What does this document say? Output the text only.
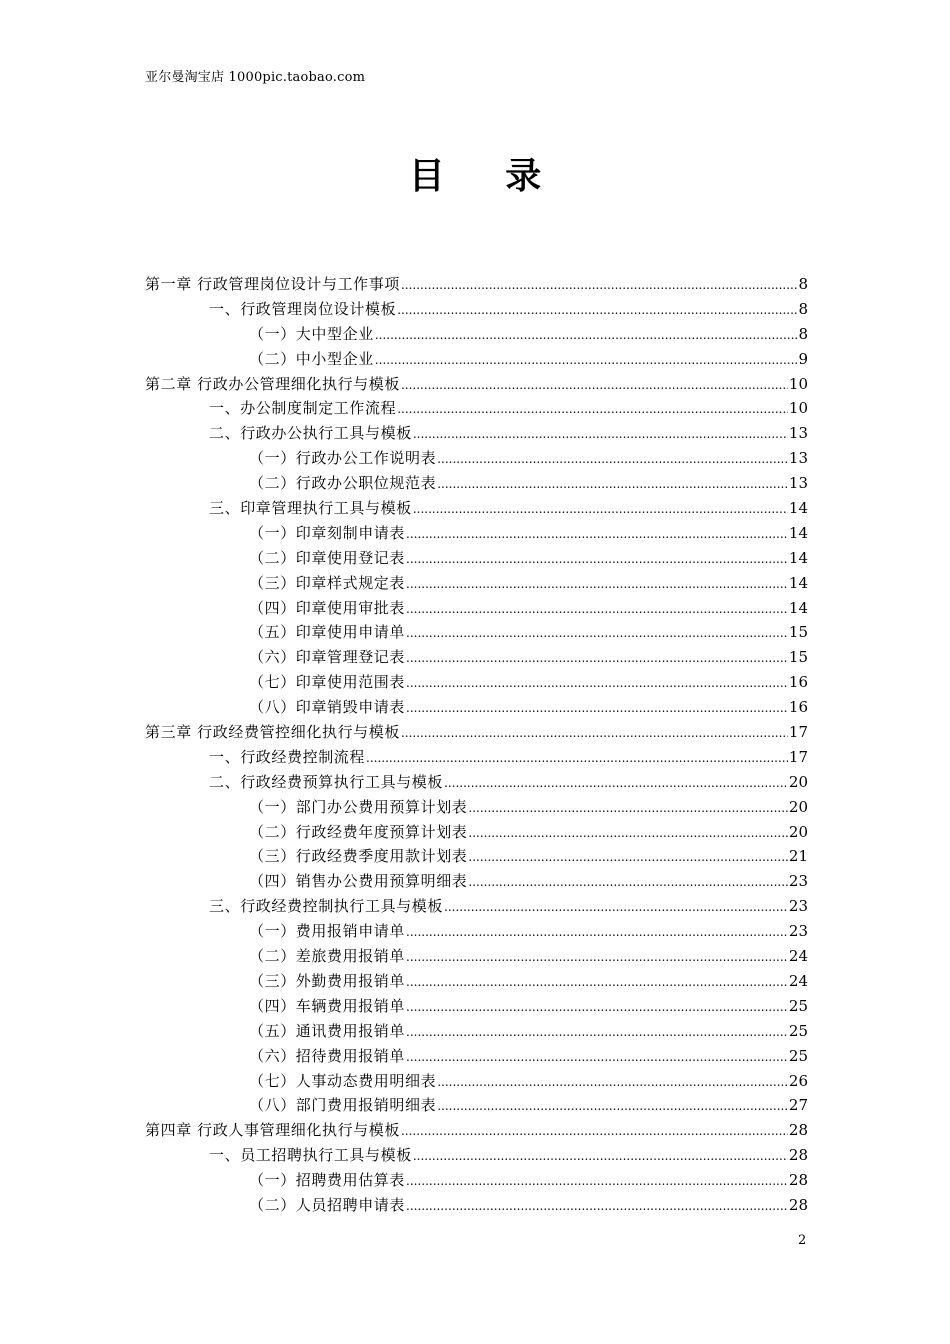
亚尔曼淘宝店 1000pic.taobao.com
目 录
第一章 行政管理岗位设计与工作事项 .....	8
一、行政管理岗位设计模板 .....	8
（一）大中型企业 .....	8
（二）中小型企业 .....	9
第二章 行政办公管理细化执行与模板 .....	10
一、办公制度制定工作流程 .....	10
二、行政办公执行工具与模板 .....	13
（一）行政办公工作说明表 .....	13
（二）行政办公职位规范表 .....	13
三、印章管理执行工具与模板 .....	14
（一）印章刻制申请表 .....	14
（二）印章使用登记表 .....	14
（三）印章样式规定表 .....	14
（四）印章使用审批表 .....	14
（五）印章使用申请单 .....	15
（六）印章管理登记表 .....	15
（七）印章使用范围表 .....	16
（八）印章销毁申请表 .....	16
第三章 行政经费管控细化执行与模板 .....	17
一、行政经费控制流程 .....	17
二、行政经费预算执行工具与模板 .....	20
（一）部门办公费用预算计划表 .....	20
（二）行政经费年度预算计划表 .....	20
（三）行政经费季度用款计划表 .....	21
（四）销售办公费用预算明细表 .....	23
三、行政经费控制执行工具与模板 .....	23
（一）费用报销申请单 .....	23
（二）差旅费用报销单 .....	24
（三）外勤费用报销单 .....	24
（四）车辆费用报销单 .....	25
（五）通讯费用报销单 .....	25
（六）招待费用报销单 .....	25
（七）人事动态费用明细表 .....	26
（八）部门费用报销明细表 .....	27
第四章 行政人事管理细化执行与模板 .....	28
一、员工招聘执行工具与模板 .....	28
（一）招聘费用估算表 .....	28
（二）人员招聘申请表 .....	28
2
